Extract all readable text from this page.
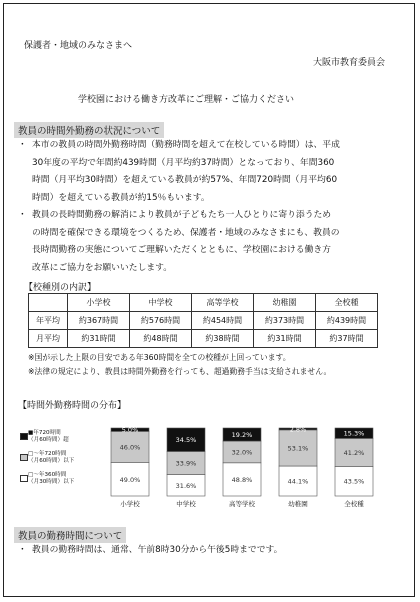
保護者・地域のみなさまへ
大阪市教育委員会
学校園における働き方改革にご理解・ご協力ください
教員の時間外勤務の状況について
・ 本市の教員の時間外勤務時間（勤務時間を超えて在校している時間）は、平成
30年度の平均で年間約439時間（月平均約37時間）となっており、年間360
時間（月平均30時間）を超えている教員が約57%、年間720時間（月平均60
時間）を超えている教員が約15％もいます。
・ 教員の長時間勤務の解消により教員が子どもたち一人ひとりに寄り添うため
の時間を確保できる環境をつくるため、保護者・地域のみなさまにも、教員の
長時間勤務の実態についてご理解いただくとともに、学校園における働き方
改革にご協力をお願いいたします。
【校種別の内訳】
	小学校	中学校	高等学校	幼稚園	全校種
年平均	約367時間	約576時間	約454時間	約373時間	約439時間
月平均	約31時間	約48時間	約38時間	約31時間	約37時間
※国が示した上限の目安である年360時間を全ての校種が上回っています。
※法律の規定により、教員は時間外勤務を行っても、超過勤務手当は支給されません。
【時間外勤務時間の分布】
■年720時間
（月60時間）超
□～年720時間
（月60時間）以下
□～年360時間
（月30時間）以下	49.0%
46.0%
5.0%
小学校
31.6%
33.9%
34.5%
中学校
48.8%
32.0%
19.2%
高等学校
44.1%
53.1%
2.8%
幼稚園
43.5%
41.2%
15.3%
全校種
教員の勤務時間について
・ 教員の勤務時間は、通常、午前8時30分から午後5時までです。
